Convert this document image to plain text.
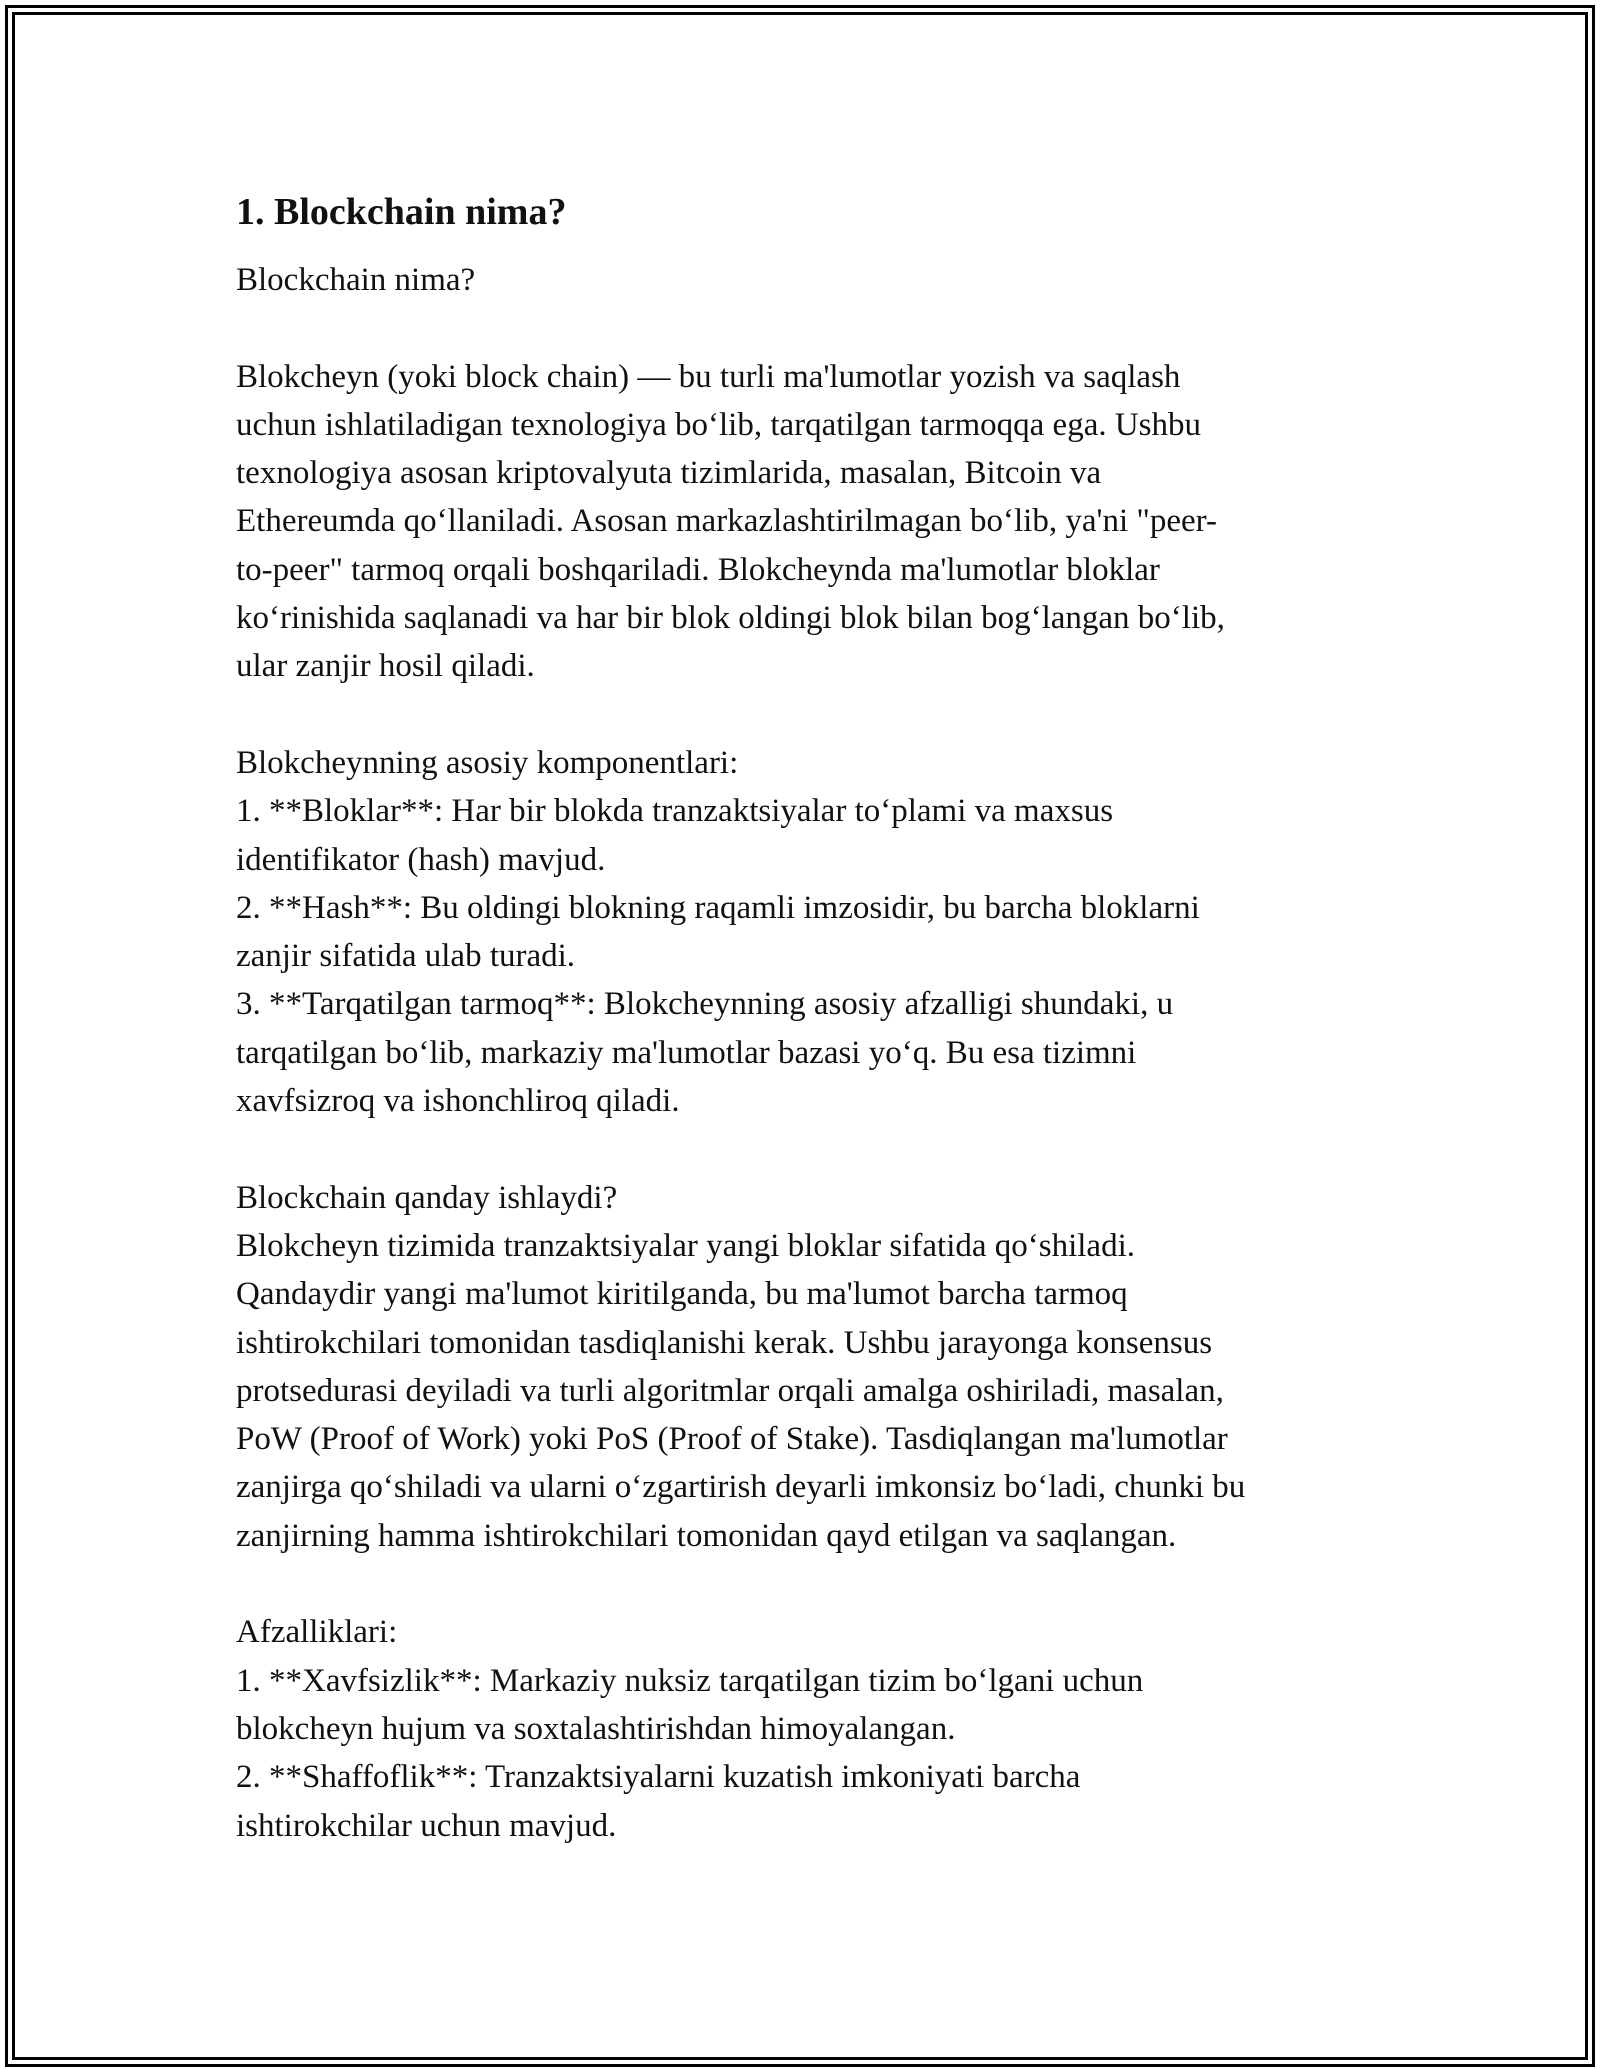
1. Blockchain nima?

Blockchain nima?

Blokcheyn (yoki block chain) — bu turli ma'lumotlar yozish va saqlash
uchun ishlatiladigan texnologiya bo‘lib, tarqatilgan tarmoqqa ega. Ushbu
texnologiya asosan kriptovalyuta tizimlarida, masalan, Bitcoin va
Ethereumda qo‘llaniladi. Asosan markazlashtirilmagan bo‘lib, ya'ni "peer-
to-peer" tarmoq orqali boshqariladi. Blokcheynda ma'lumotlar bloklar
ko‘rinishida saqlanadi va har bir blok oldingi blok bilan bog‘langan bo‘lib,
ular zanjir hosil qiladi.

Blokcheynning asosiy komponentlari:
1. **Bloklar**: Har bir blokda tranzaktsiyalar to‘plami va maxsus
identifikator (hash) mavjud.
2. **Hash**: Bu oldingi blokning raqamli imzosidir, bu barcha bloklarni
zanjir sifatida ulab turadi.
3. **Tarqatilgan tarmoq**: Blokcheynning asosiy afzalligi shundaki, u
tarqatilgan bo‘lib, markaziy ma'lumotlar bazasi yo‘q. Bu esa tizimni
xavfsizroq va ishonchliroq qiladi.

Blockchain qanday ishlaydi?
Blokcheyn tizimida tranzaktsiyalar yangi bloklar sifatida qo‘shiladi.
Qandaydir yangi ma'lumot kiritilganda, bu ma'lumot barcha tarmoq
ishtirokchilari tomonidan tasdiqlanishi kerak. Ushbu jarayonga konsensus
protsedurasi deyiladi va turli algoritmlar orqali amalga oshiriladi, masalan,
PoW (Proof of Work) yoki PoS (Proof of Stake). Tasdiqlangan ma'lumotlar
zanjirga qo‘shiladi va ularni o‘zgartirish deyarli imkonsiz bo‘ladi, chunki bu
zanjirning hamma ishtirokchilari tomonidan qayd etilgan va saqlangan.

Afzalliklari:
1. **Xavfsizlik**: Markaziy nuksiz tarqatilgan tizim bo‘lgani uchun
blokcheyn hujum va soxtalashtirishdan himoyalangan.
2. **Shaffoflik**: Tranzaktsiyalarni kuzatish imkoniyati barcha
ishtirokchilar uchun mavjud.
